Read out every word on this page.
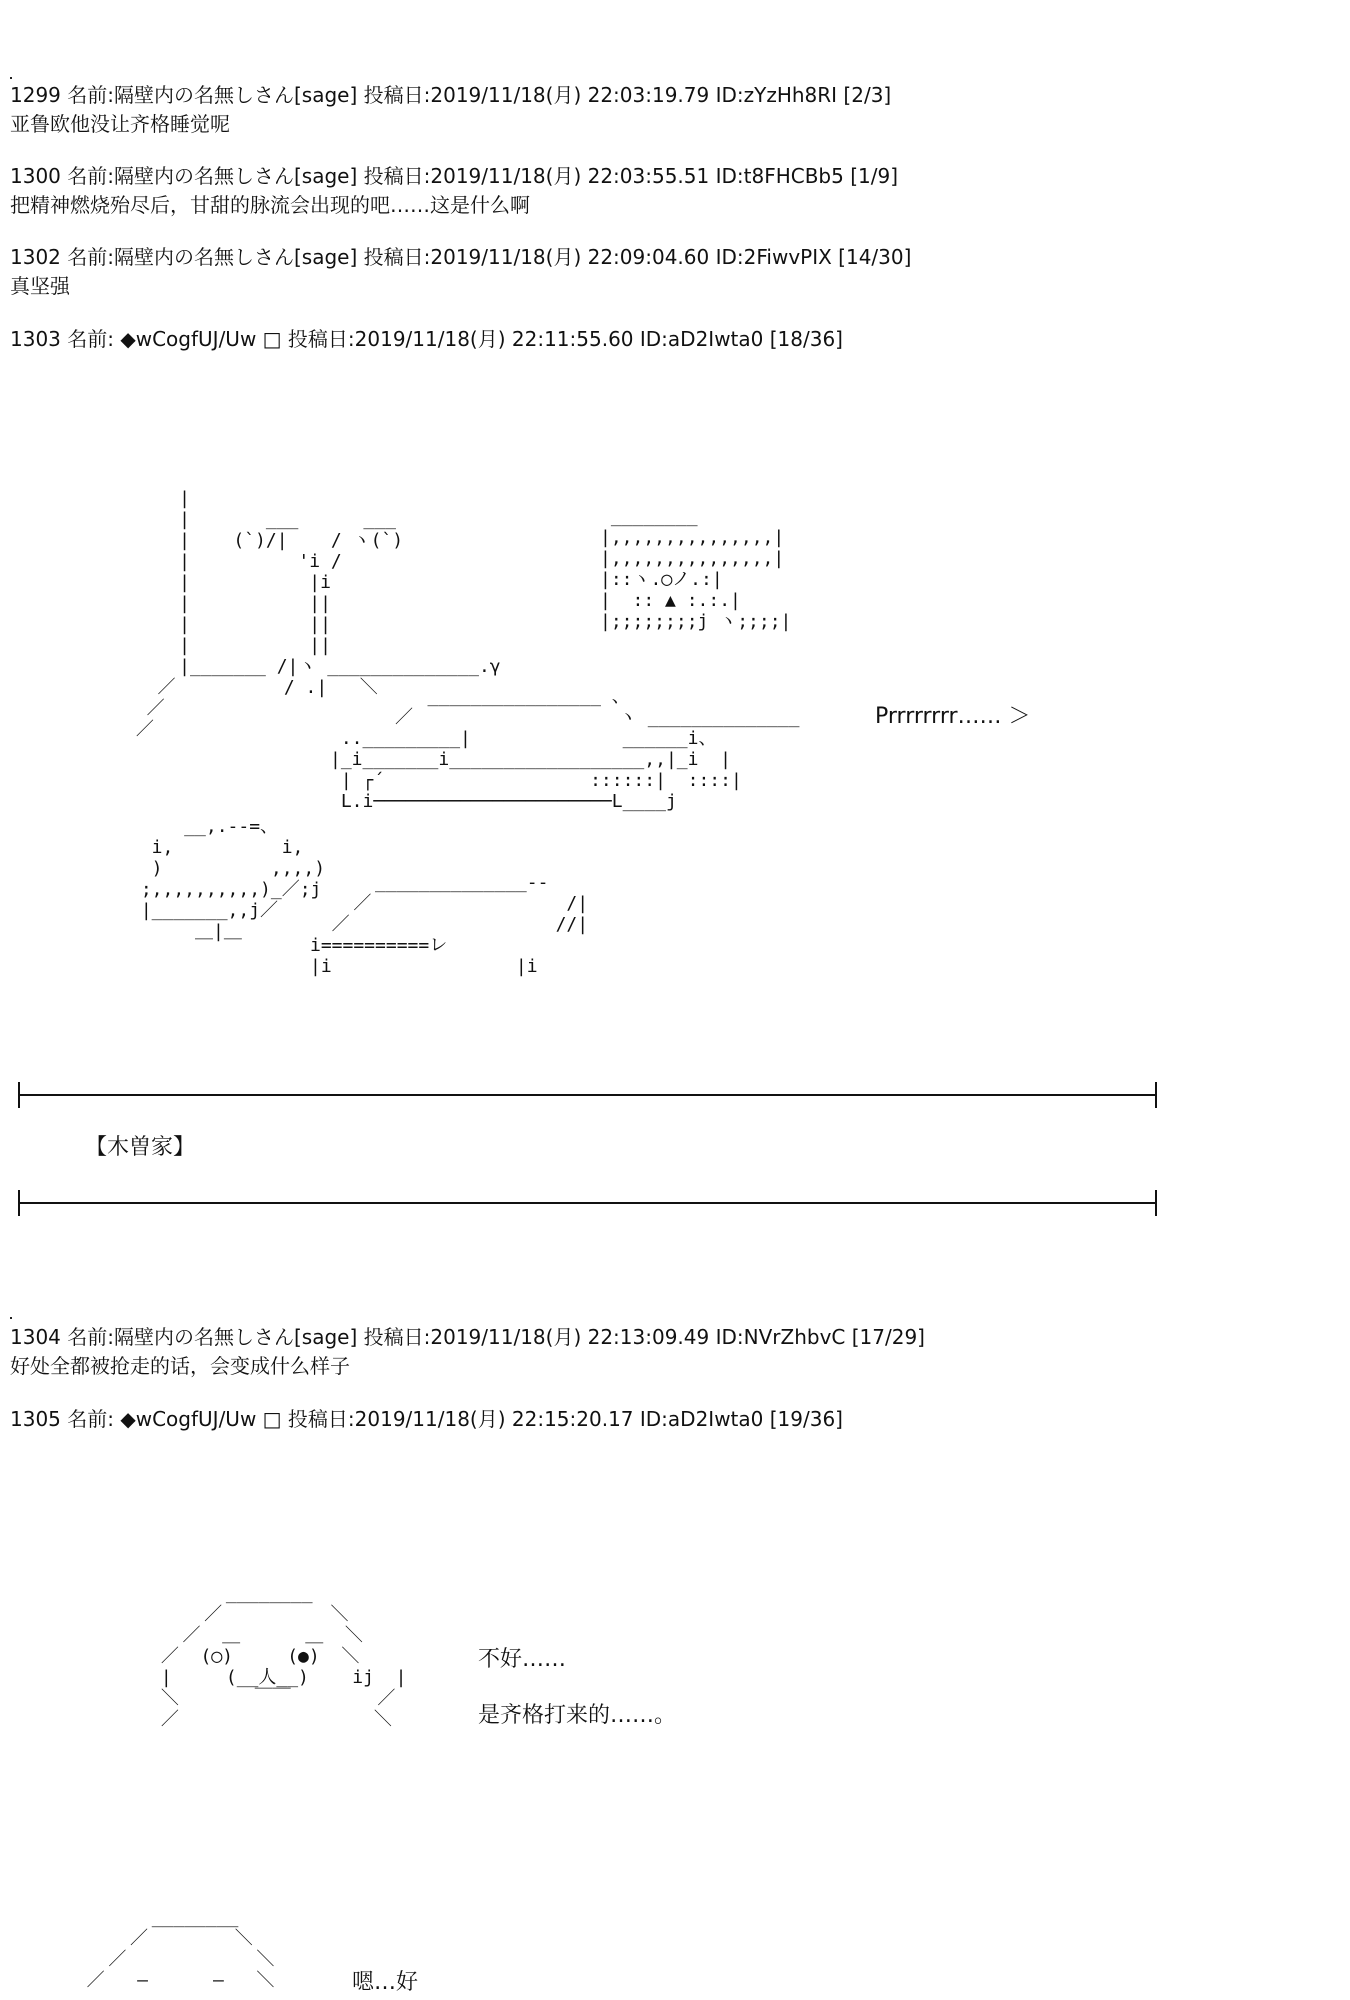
1299 名前:隔壁内の名無しさん[sage] 投稿日:2019/11/18(月) 22:03:19.79 ID:zYzHh8RI [2/3]
亚鲁欧他没让齐格睡觉呢
1300 名前:隔壁内の名無しさん[sage] 投稿日:2019/11/18(月) 22:03:55.51 ID:t8FHCBb5 [1/9]
把精神燃烧殆尽后，甘甜的脉流会出现的吧……这是什么啊
1302 名前:隔壁内の名無しさん[sage] 投稿日:2019/11/18(月) 22:09:04.60 ID:2FiwvPIX [14/30]
真坚强
1303 名前: ◆wCogfUJ/Uw □ 投稿日:2019/11/18(月) 22:11:55.60 ID:aD2Iwta0 [18/36]
|
|       ___      ___
|    (`)/|    / ヽ(`)
|          'i /
|           |i
|           ||
|           ||
|           ||
|_______ /|ヽ ______________.γ
／          / .|   ＼
／
／
________
|,,,,,,,,,,,,,,,|
|,,,,,,,,,,,,,,,|
|::ヽ.◯ノ.:|
|  :: ▲ :.:.|
|;;;;;;;;j ヽ;;;;|
________________ 、
／                   ヽ ______________
.._________|              ______i、
|_i_______i__________________,,|_i  |
| ┌´                   ::::::|  ::::|
L.i──────────────────────L____j
Prrrrrrrr…… ＞
__,.-‐=、
i,          i,
)          ,,,,)
;,,,,,,,,,,)_／;j
|_______,,j／
＿|＿
______________--
／                  /|
／                   //|
i==========レ
|i                 |i
【木曽家】
1304 名前:隔壁内の名無しさん[sage] 投稿日:2019/11/18(月) 22:13:09.49 ID:NVrZhbvC [17/29]
好处全都被抢走的话，会变成什么样子
1305 名前: ◆wCogfUJ/Uw □ 投稿日:2019/11/18(月) 22:15:20.17 ID:aD2Iwta0 [19/36]
________
／          ＼
／  ＿      ＿  ＼
／  (◯)     (●)  ＼
|     (__人__)    ij  |
＼       ￣￣        ／
／                  ＼
不好……
是齐格打来的……。
________
／        ＼
／            ＼
／   ―      ―   ＼	嗯…好
